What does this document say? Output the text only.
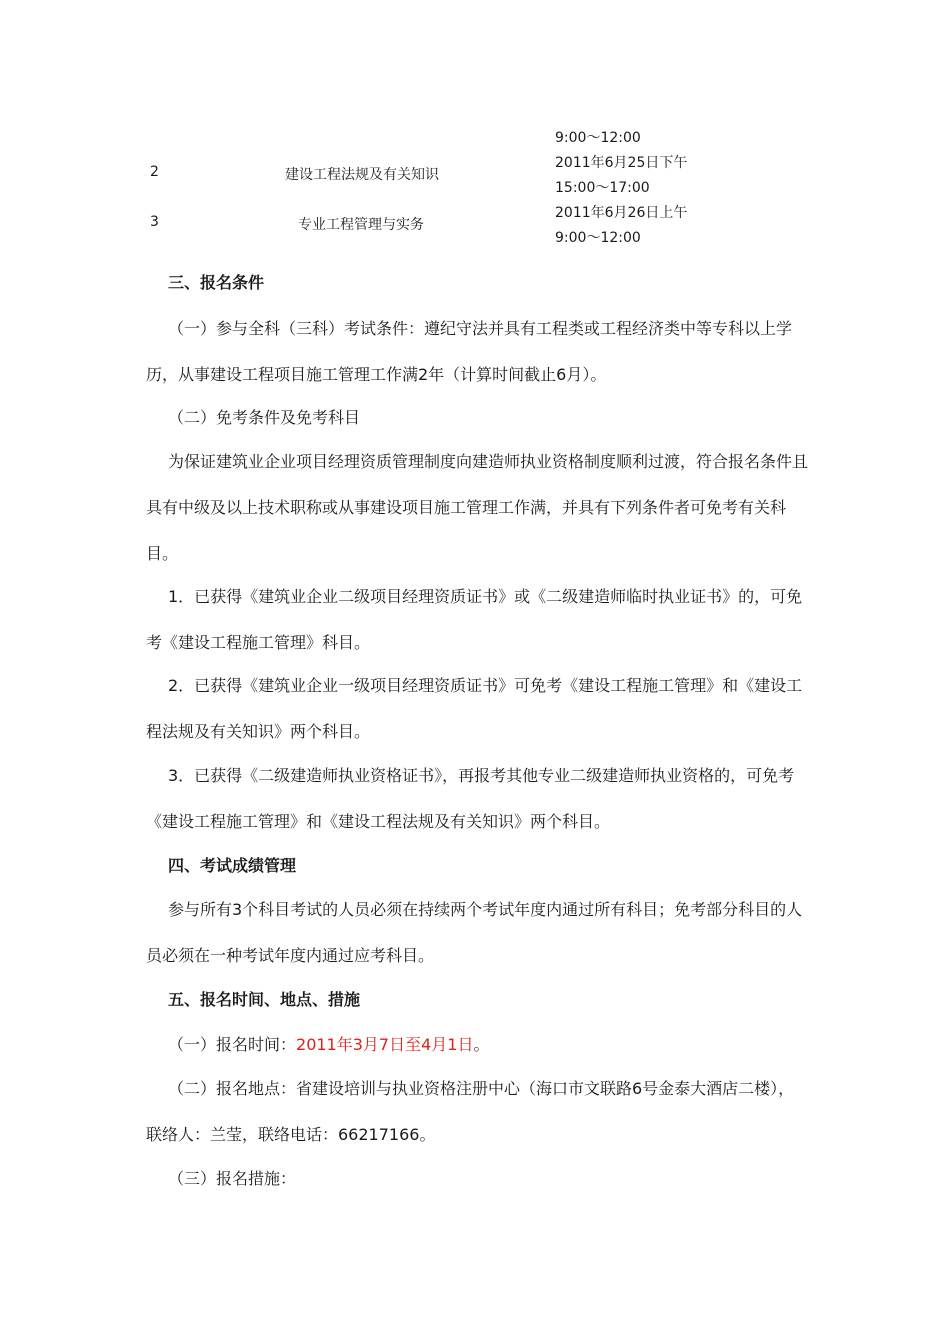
9:00～12:00
2	建设工程法规及有关知识
2011年6月25日下午
15:00～17:00
3	专业工程管理与实务
2011年6月26日上午
9:00～12:00
三、报名条件
（一）参与全科（三科）考试条件：遵纪守法并具有工程类或工程经济类中等专科以上学历，从事建设工程项目施工管理工作满2年（计算时间截止6月）。
（二）免考条件及免考科目
为保证建筑业企业项目经理资质管理制度向建造师执业资格制度顺利过渡，符合报名条件且具有中级及以上技术职称或从事建设项目施工管理工作满，并具有下列条件者可免考有关科目。
1．已获得《建筑业企业二级项目经理资质证书》或《二级建造师临时执业证书》的，可免考《建设工程施工管理》科目。
2．已获得《建筑业企业一级项目经理资质证书》可免考《建设工程施工管理》和《建设工程法规及有关知识》两个科目。
3．已获得《二级建造师执业资格证书》，再报考其他专业二级建造师执业资格的，可免考《建设工程施工管理》和《建设工程法规及有关知识》两个科目。
四、考试成绩管理
参与所有3个科目考试的人员必须在持续两个考试年度内通过所有科目；免考部分科目的人员必须在一种考试年度内通过应考科目。
五、报名时间、地点、措施
（一）报名时间：2011年3月7日至4月1日。
（二）报名地点：省建设培训与执业资格注册中心（海口市文联路6号金泰大酒店二楼），联络人：兰莹，联络电话：66217166。
（三）报名措施：
